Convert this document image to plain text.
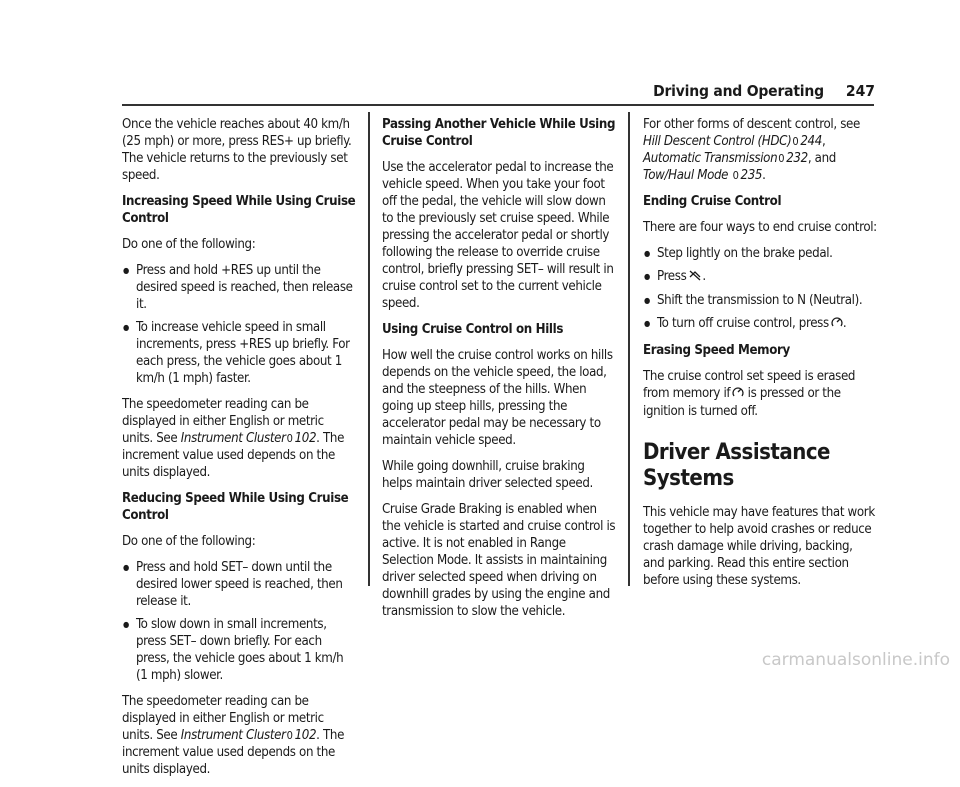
Driving and Operating 247

Once the vehicle reaches about 40 km/h (25 mph) or more, press RES+ up briefly. The vehicle returns to the previously set speed.

Increasing Speed While Using Cruise Control

Do one of the following:

● Press and hold +RES up until the desired speed is reached, then release it.
● To increase vehicle speed in small increments, press +RES up briefly. For each press, the vehicle goes about 1 km/h (1 mph) faster.

The speedometer reading can be displayed in either English or metric units. See Instrument Cluster0 102. The increment value used depends on the units displayed.

Reducing Speed While Using Cruise Control

Do one of the following:

● Press and hold SET– down until the desired lower speed is reached, then release it.
● To slow down in small increments, press SET– down briefly. For each press, the vehicle goes about 1 km/h (1 mph) slower.

The speedometer reading can be displayed in either English or metric units. See Instrument Cluster0 102. The increment value used depends on the units displayed.

Passing Another Vehicle While Using Cruise Control

Use the accelerator pedal to increase the vehicle speed. When you take your foot off the pedal, the vehicle will slow down to the previously set cruise speed. While pressing the accelerator pedal or shortly following the release to override cruise control, briefly pressing SET– will result in cruise control set to the current vehicle speed.

Using Cruise Control on Hills

How well the cruise control works on hills depends on the vehicle speed, the load, and the steepness of the hills. When going up steep hills, pressing the accelerator pedal may be necessary to maintain vehicle speed.

While going downhill, cruise braking helps maintain driver selected speed.

Cruise Grade Braking is enabled when the vehicle is started and cruise control is active. It is not enabled in Range Selection Mode. It assists in maintaining driver selected speed when driving on downhill grades by using the engine and transmission to slow the vehicle.

For other forms of descent control, see Hill Descent Control (HDC)0 244, Automatic Transmission0 232, and Tow/Haul Mode 0 235.

Ending Cruise Control

There are four ways to end cruise control:

● Step lightly on the brake pedal.
● Press .
● Shift the transmission to N (Neutral).
● To turn off cruise control, press .
Erasing Speed Memory

The cruise control set speed is erased from memory if is pressed or the ignition is turned off.

Driver Assistance Systems

This vehicle may have features that work together to help avoid crashes or reduce crash damage while driving, backing, and parking. Read this entire section before using these systems.

carmanualsonline.info
